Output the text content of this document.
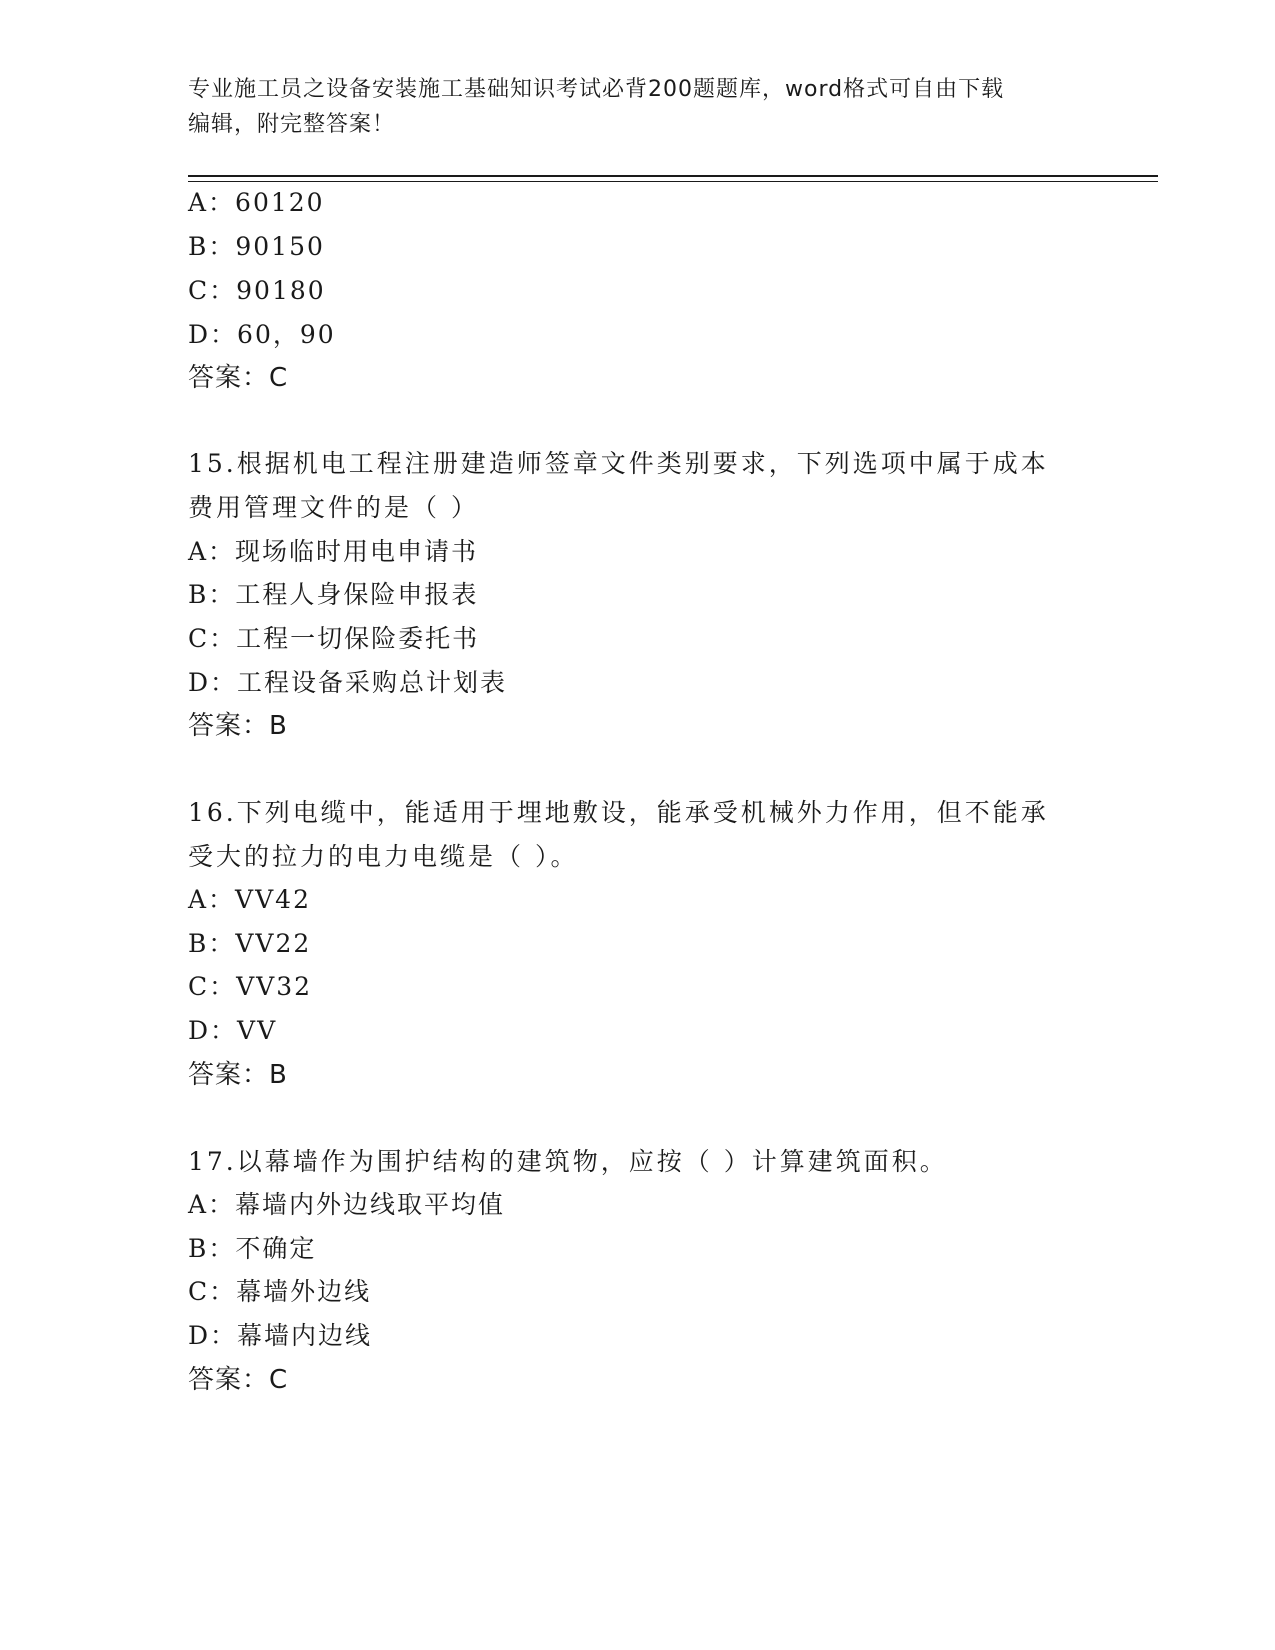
专业施工员之设备安装施工基础知识考试必背200题题库，word格式可自由下载
编辑，附完整答案！
A：60120
B：90150
C：90180
D：60，90
答案：C
15.根据机电工程注册建造师签章文件类别要求，下列选项中属于成本
费用管理文件的是（ ）
A：现场临时用电申请书
B：工程人身保险申报表
C：工程一切保险委托书
D：工程设备采购总计划表
答案：B
16.下列电缆中，能适用于埋地敷设，能承受机械外力作用，但不能承
受大的拉力的电力电缆是（ ）。
A：VV42
B：VV22
C：VV32
D：VV
答案：B
17.以幕墙作为围护结构的建筑物，应按（ ）计算建筑面积。
A：幕墙内外边线取平均值
B：不确定
C：幕墙外边线
D：幕墙内边线
答案：C
